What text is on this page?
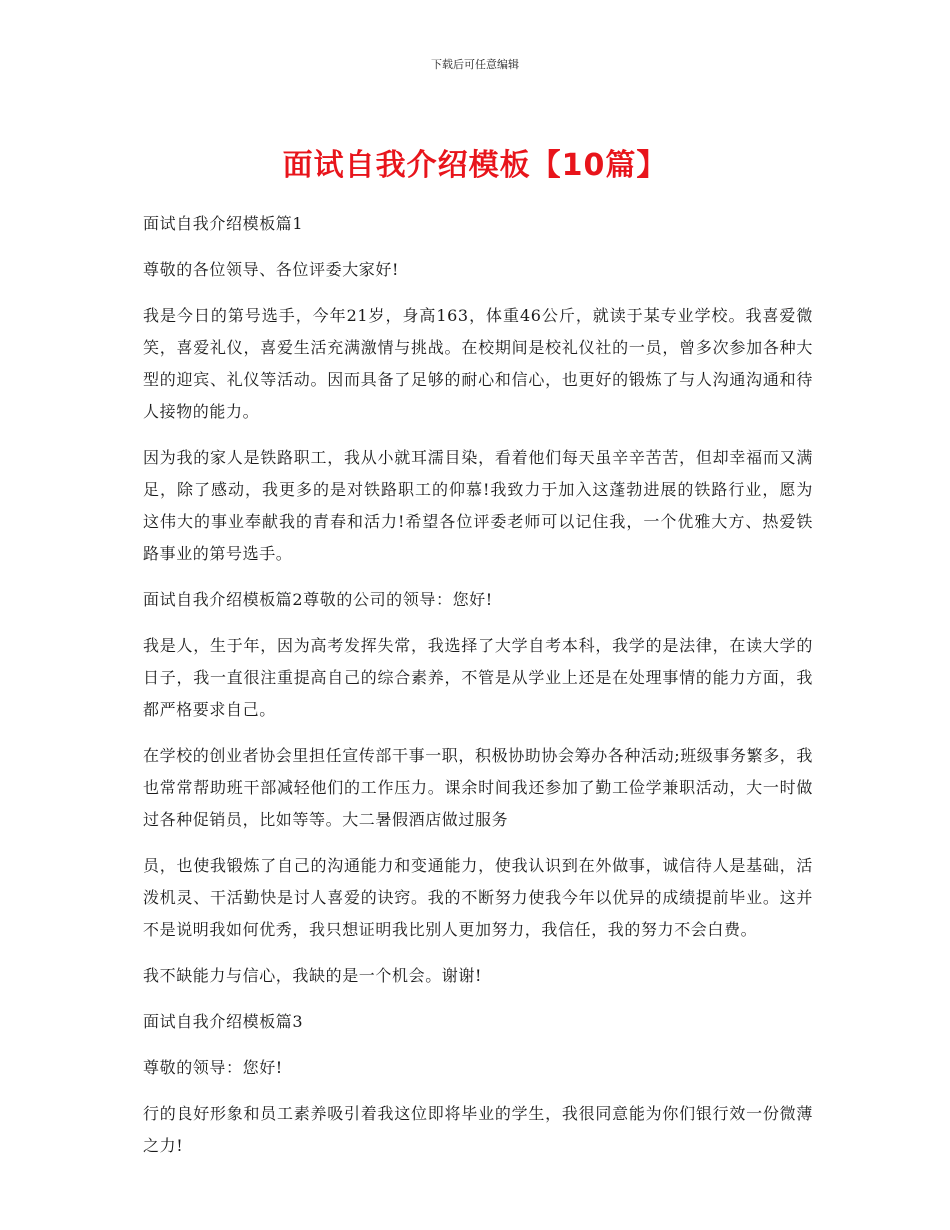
下载后可任意编辑
面试自我介绍模板【10篇】

面试自我介绍模板篇1

尊敬的各位领导、各位评委大家好!

我是今日的第号选手，今年21岁，身高163，体重46公斤，就读于某专业学校。我喜爱微笑，喜爱礼仪，喜爱生活充满激情与挑战。在校期间是校礼仪社的一员，曾多次参加各种大型的迎宾、礼仪等活动。因而具备了足够的耐心和信心，也更好的锻炼了与人沟通沟通和待人接物的能力。

因为我的家人是铁路职工，我从小就耳濡目染，看着他们每天虽辛辛苦苦，但却幸福而又满足，除了感动，我更多的是对铁路职工的仰慕!我致力于加入这蓬勃进展的铁路行业，愿为这伟大的事业奉献我的青春和活力!希望各位评委老师可以记住我，一个优雅大方、热爱铁路事业的第号选手。

面试自我介绍模板篇2尊敬的公司的领导：您好!

我是人，生于年，因为高考发挥失常，我选择了大学自考本科，我学的是法律，在读大学的日子，我一直很注重提高自己的综合素养，不管是从学业上还是在处理事情的能力方面，我都严格要求自己。

在学校的创业者协会里担任宣传部干事一职，积极协助协会筹办各种活动;班级事务繁多，我也常常帮助班干部减轻他们的工作压力。课余时间我还参加了勤工俭学兼职活动，大一时做过各种促销员，比如等等。大二暑假酒店做过服务

员，也使我锻炼了自己的沟通能力和变通能力，使我认识到在外做事，诚信待人是基础，活泼机灵、干活勤快是讨人喜爱的诀窍。我的不断努力使我今年以优异的成绩提前毕业。这并不是说明我如何优秀，我只想证明我比别人更加努力，我信任，我的努力不会白费。

我不缺能力与信心，我缺的是一个机会。谢谢!

面试自我介绍模板篇3

尊敬的领导：您好!

行的良好形象和员工素养吸引着我这位即将毕业的学生，我很同意能为你们银行效一份微薄之力!
